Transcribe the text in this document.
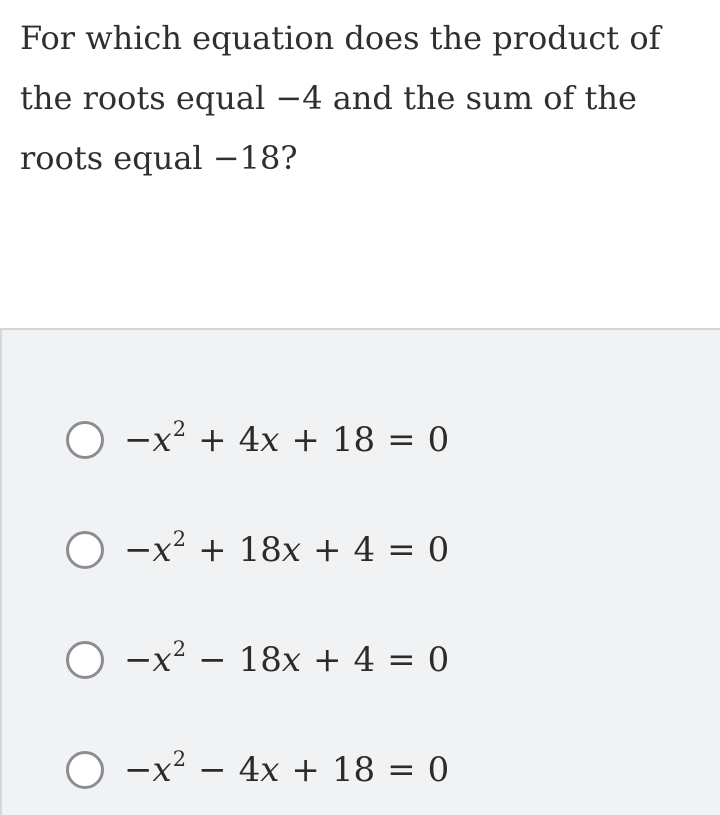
For which equation does the product of
the roots equal −4 and the sum of the
roots equal −18?
− x 2 + 4 x + 18 = 0
− x 2 + 18 x + 4 = 0
− x 2 − 18 x + 4 = 0
− x 2 − 4 x + 18 = 0
